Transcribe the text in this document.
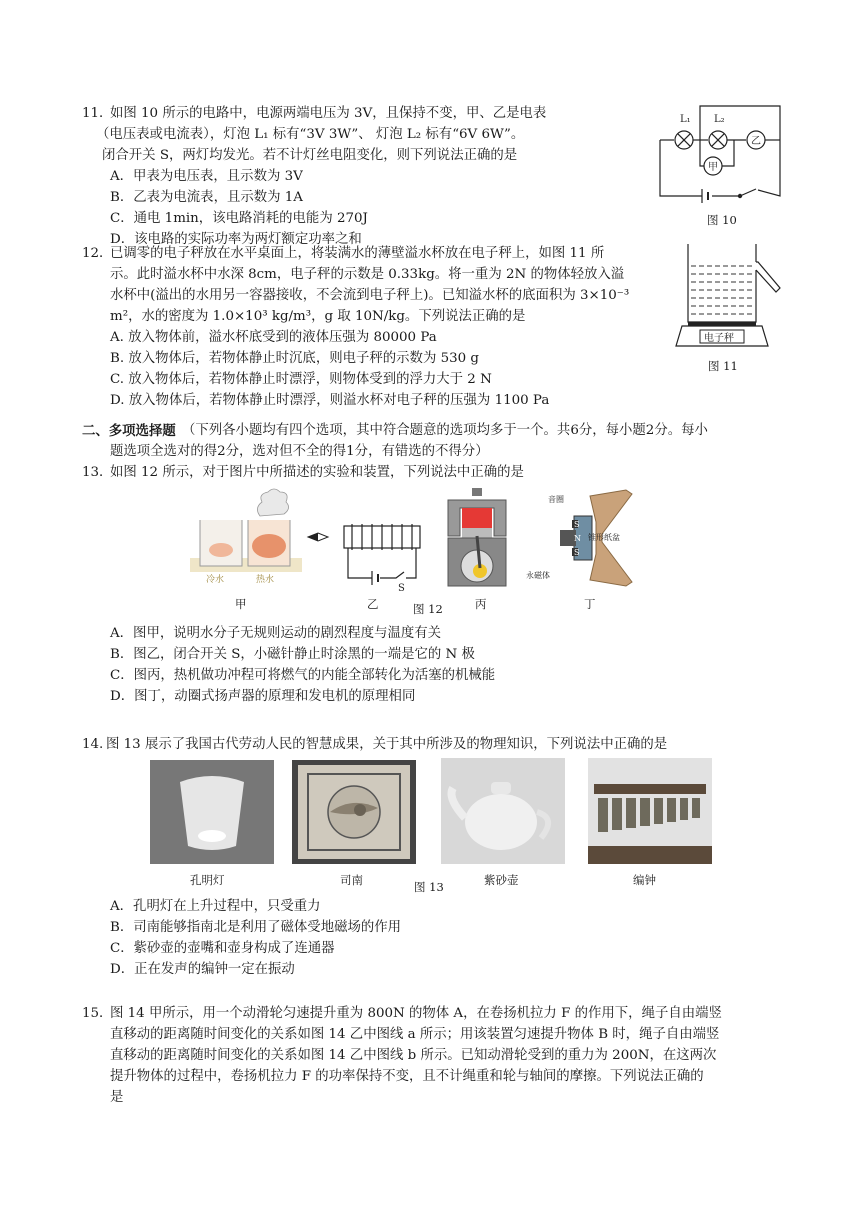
11．
如图 10 所示的电路中，电源两端电压为 3V，且保持不变，甲、乙是电表
（电压表或电流表），灯泡 L₁ 标有“3V 3W”、 灯泡 L₂ 标有“6V 6W”。
闭合开关 S，两灯均发光。若不计灯丝电阻变化，则下列说法正确的是
A．甲表为电压表，且示数为 3V
B．乙表为电流表，且示数为 1A
C．通电 1min，该电路消耗的电能为 270J
D．该电路的实际功率为两灯额定功率之和
L₁ L₂
乙
甲
图 10
12．
已调零的电子秤放在水平桌面上，将装满水的薄壁溢水杯放在电子秤上，如图 11 所
示。此时溢水杯中水深 8cm，电子秤的示数是 0.33kg。将一重为 2N 的物体轻放入溢
水杯中(溢出的水用另一容器接收，不会流到电子秤上)。已知溢水杯的底面积为 3×10⁻³
m²，水的密度为 1.0×10³ kg/m³，g 取 10N/kg。下列说法正确的是
A. 放入物体前，溢水杯底受到的液体压强为 80000 Pa
B. 放入物体后，若物体静止时沉底，则电子秤的示数为 530 g
C. 放入物体后，若物体静止时漂浮，则物体受到的浮力大于 2 N
D. 放入物体后，若物体静止时漂浮，则溢水杯对电子秤的压强为 1100 Pa
电子秤
图 11
二、多项选择题 （下列各小题均有四个选项，其中符合题意的选项均多于一个。共6分，每小题2分。每小
题选项全选对的得2分，选对但不全的得1分，有错选的不得分）
13．
如图 12 所示，对于图片中所描述的实验和装置，下列说法中正确的是
冷水	热水
S
S
N
S
音圈
锥形纸盆
永磁体
甲	乙	图 12	丙	丁
A．图甲，说明水分子无规则运动的剧烈程度与温度有关
B．图乙，闭合开关 S，小磁针静止时涂黑的一端是它的 N 极
C．图丙，热机做功冲程可将燃气的内能全部转化为活塞的机械能
D．图丁，动圈式扬声器的原理和发电机的原理相同
14. 图 13 展示了我国古代劳动人民的智慧成果，关于其中所涉及的物理知识，下列说法中正确的是
孔明灯	司南	图 13	紫砂壶	编钟
A．孔明灯在上升过程中，只受重力
B．司南能够指南北是利用了磁体受地磁场的作用
C．紫砂壶的壶嘴和壶身构成了连通器
D．正在发声的编钟一定在振动
15．
图 14 甲所示，用一个动滑轮匀速提升重为 800N 的物体 A，在卷扬机拉力 F 的作用下，绳子自由端竖
直移动的距离随时间变化的关系如图 14 乙中图线 a 所示；用该装置匀速提升物体 B 时，绳子自由端竖
直移动的距离随时间变化的关系如图 14 乙中图线 b 所示。已知动滑轮受到的重力为 200N，在这两次
提升物体的过程中，卷扬机拉力 F 的功率保持不变，且不计绳重和轮与轴间的摩擦。下列说法正确的
是
